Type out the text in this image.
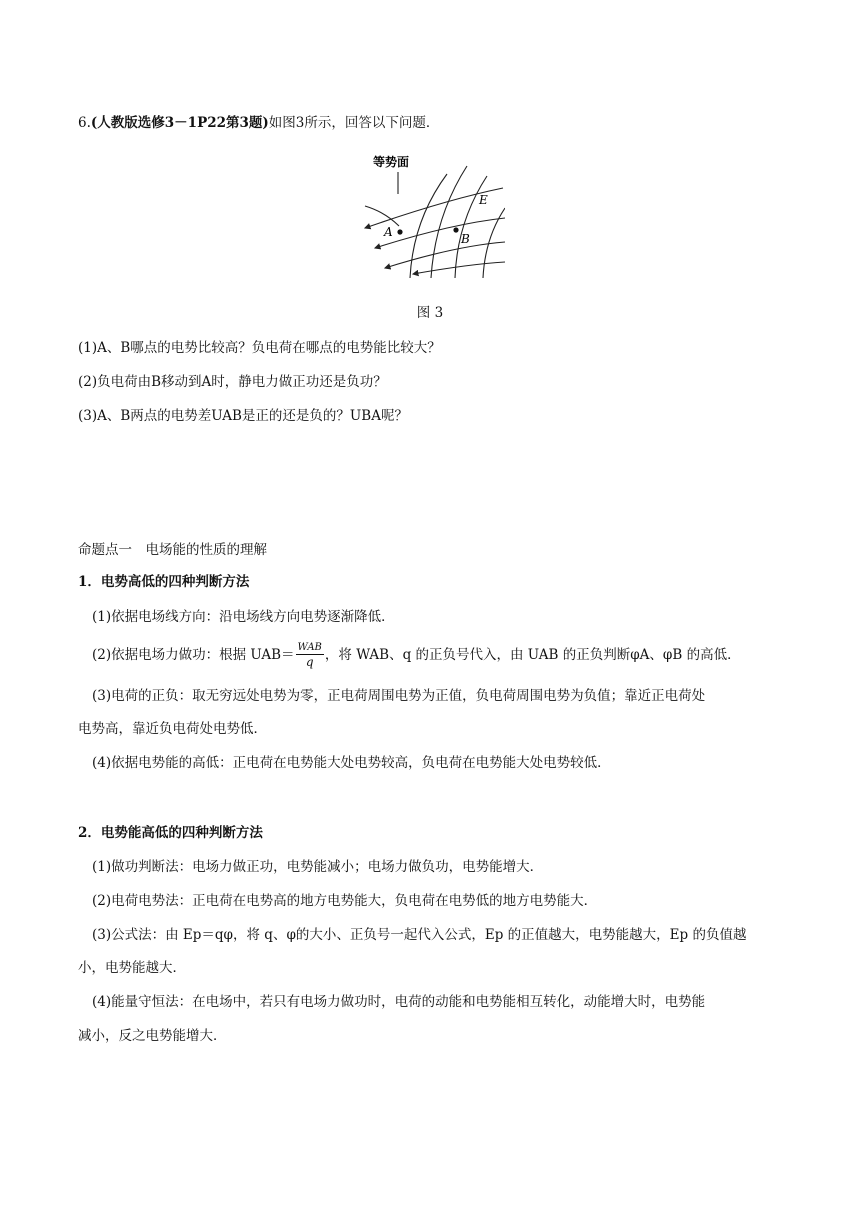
6.(人教版选修3－1P22第3题)如图3所示，回答以下问题．
等势面
A	B
E
图 3
(1)A、B哪点的电势比较高？负电荷在哪点的电势能比较大？
(2)负电荷由B移动到A时，静电力做正功还是负功？
(3)A、B两点的电势差UAB是正的还是负的？UBA呢？
命题点一　电场能的性质的理解
1．电势高低的四种判断方法
(1)依据电场线方向：沿电场线方向电势逐渐降低．
(2)依据电场力做功：根据 $UAB= \frac{\text{WAB}}{q}$ ，将 WAB、q 的正负号代入，由 UAB 的正负判断φA、φB 的高低．
(3)电荷的正负：取无穷远处电势为零，正电荷周围电势为正值，负电荷周围电势为负值；靠近正电荷处
电势高，靠近负电荷处电势低．
(4)依据电势能的高低：正电荷在电势能大处电势较高，负电荷在电势能大处电势较低．
2．电势能高低的四种判断方法
(1)做功判断法：电场力做正功，电势能减小；电场力做负功，电势能增大．
(2)电荷电势法：正电荷在电势高的地方电势能大，负电荷在电势低的地方电势能大．
(3)公式法：由 Ep＝qφ，将 q、φ的大小、正负号一起代入公式，Ep 的正值越大，电势能越大，Ep 的负值越
小，电势能越大．
(4)能量守恒法：在电场中，若只有电场力做功时，电荷的动能和电势能相互转化，动能增大时，电势能
减小，反之电势能增大．
